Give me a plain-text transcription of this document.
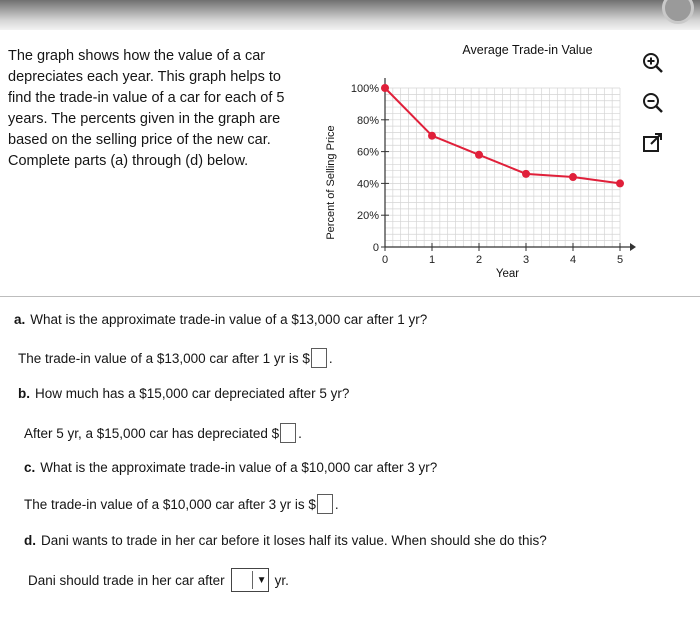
The graph shows how the value of a car depreciates each year. This graph helps to find the trade-in value of a car for each of 5 years. The percents given in the graph are based on the selling price of the new car. Complete parts (a) through (d) below.
0
20%
40%
60%
80%
100%
0	1	2	3	4	5
Average Trade-in Value
Year
Percent of Selling Price
a. What is the approximate trade-in value of a $13,000 car after 1 yr?
The trade-in value of a $13,000 car after 1 yr is $ .
b. How much has a $15,000 car depreciated after 5 yr?
After 5 yr, a $15,000 car has depreciated $ .
c. What is the approximate trade-in value of a $10,000 car after 3 yr?
The trade-in value of a $10,000 car after 3 yr is $ .
d. Dani wants to trade in her car before it loses half its value. When should she do this?
Dani should trade in her car after	▼ yr.
